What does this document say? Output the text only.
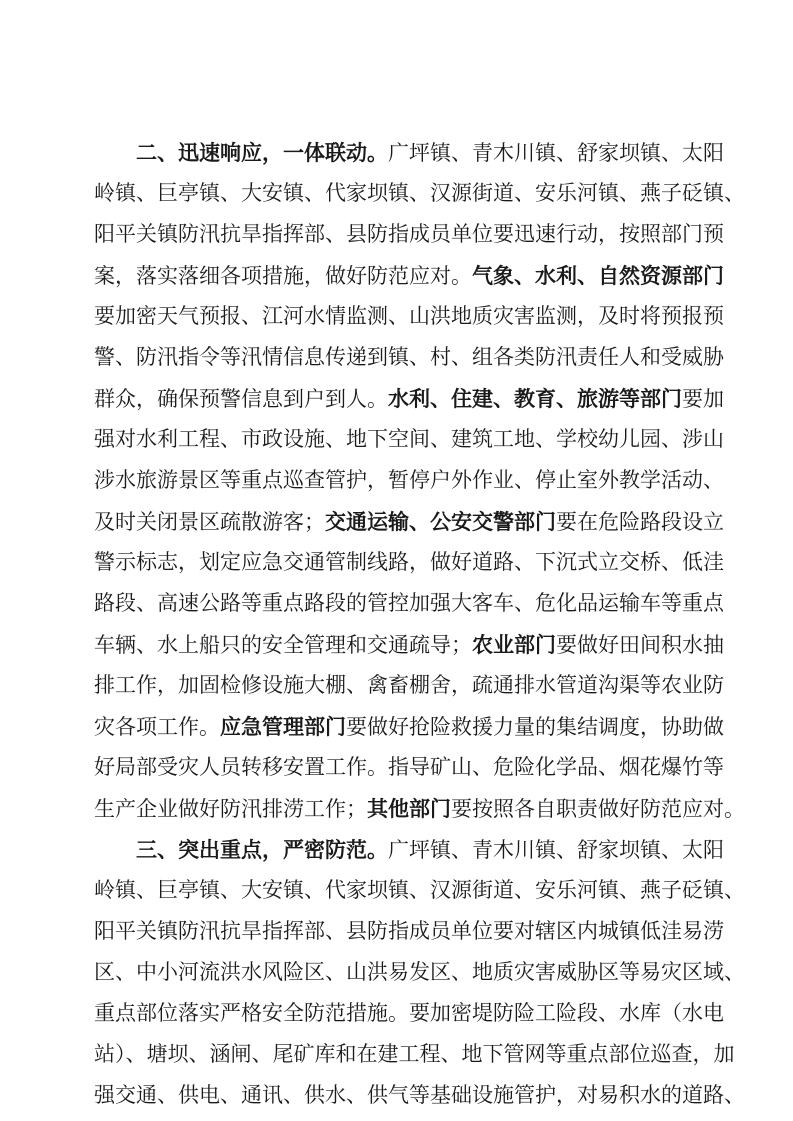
二、迅速响应，一体联动。广坪镇、青木川镇、舒家坝镇、太阳
岭镇、巨亭镇、大安镇、代家坝镇、汉源街道、安乐河镇、燕子砭镇、
阳平关镇防汛抗旱指挥部、县防指成员单位要迅速行动，按照部门预
案，落实落细各项措施，做好防范应对。气象、水利、自然资源部门
要加密天气预报、江河水情监测、山洪地质灾害监测，及时将预报预
警、防汛指令等汛情信息传递到镇、村、组各类防汛责任人和受威胁
群众，确保预警信息到户到人。水利、住建、教育、旅游等部门要加
强对水利工程、市政设施、地下空间、建筑工地、学校幼儿园、涉山
涉水旅游景区等重点巡查管护，暂停户外作业、停止室外教学活动、
及时关闭景区疏散游客；交通运输、公安交警部门要在危险路段设立
警示标志，划定应急交通管制线路，做好道路、下沉式立交桥、低洼
路段、高速公路等重点路段的管控加强大客车、危化品运输车等重点
车辆、水上船只的安全管理和交通疏导；农业部门要做好田间积水抽
排工作，加固检修设施大棚、禽畜棚舍，疏通排水管道沟渠等农业防
灾各项工作。应急管理部门要做好抢险救援力量的集结调度，协助做
好局部受灾人员转移安置工作。指导矿山、危险化学品、烟花爆竹等
生产企业做好防汛排涝工作；其他部门要按照各自职责做好防范应对。
三、突出重点，严密防范。广坪镇、青木川镇、舒家坝镇、太阳
岭镇、巨亭镇、大安镇、代家坝镇、汉源街道、安乐河镇、燕子砭镇、
阳平关镇防汛抗旱指挥部、县防指成员单位要对辖区内城镇低洼易涝
区、中小河流洪水风险区、山洪易发区、地质灾害威胁区等易灾区域、
重点部位落实严格安全防范措施。要加密堤防险工险段、水库（水电
站）、塘坝、涵闸、尾矿库和在建工程、地下管网等重点部位巡查，加
强交通、供电、通讯、供水、供气等基础设施管护，对易积水的道路、
